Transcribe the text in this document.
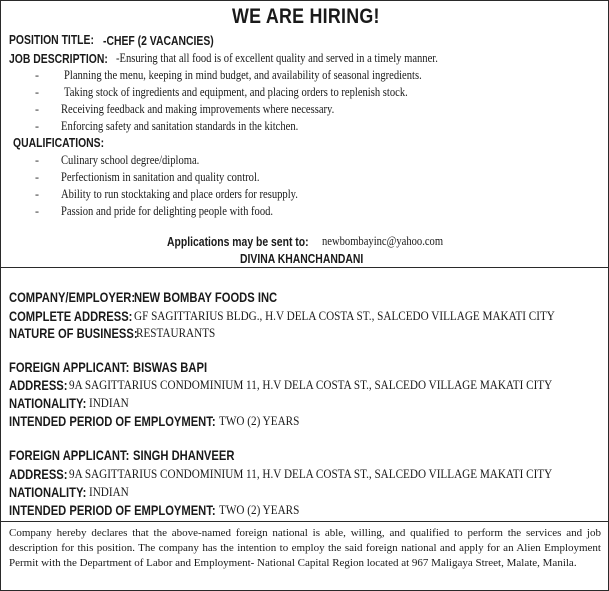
WE ARE HIRING!
POSITION TITLE: -CHEF (2 VACANCIES)
JOB DESCRIPTION: -Ensuring that all food is of excellent quality and served in a timely manner.
- Planning the menu, keeping in mind budget, and availability of seasonal ingredients.
- Taking stock of ingredients and equipment, and placing orders to replenish stock.
- Receiving feedback and making improvements where necessary.
- Enforcing safety and sanitation standards in the kitchen.
QUALIFICATIONS:
- Culinary school degree/diploma.
- Perfectionism in sanitation and quality control.
- Ability to run stocktaking and place orders for resupply.
- Passion and pride for delighting people with food.
Applications may be sent to:	newbombayinc@yahoo.com
DIVINA KHANCHANDANI
COMPANY/EMPLOYER:
NEW BOMBAY FOODS INC
COMPLETE ADDRESS: GF SAGITTARIUS BLDG., H.V DELA COSTA ST., SALCEDO VILLAGE MAKATI CITY
NATURE OF BUSINESS:
RESTAURANTS
FOREIGN APPLICANT: BISWAS BAPI
ADDRESS: 9A SAGITTARIUS CONDOMINIUM 11, H.V DELA COSTA ST., SALCEDO VILLAGE MAKATI CITY
NATIONALITY: INDIAN
INTENDED PERIOD OF EMPLOYMENT: TWO (2) YEARS
FOREIGN APPLICANT: SINGH DHANVEER
ADDRESS: 9A SAGITTARIUS CONDOMINIUM 11, H.V DELA COSTA ST., SALCEDO VILLAGE MAKATI CITY
NATIONALITY: INDIAN
INTENDED PERIOD OF EMPLOYMENT: TWO (2) YEARS
Company hereby declares that the above-named foreign national is able, willing, and qualified to perform the services and job description for this position. The company has the intention to employ the said foreign national and apply for an Alien Employment Permit with the Department of Labor and Employment- National Capital Region located at 967 Maligaya Street, Malate, Manila.
